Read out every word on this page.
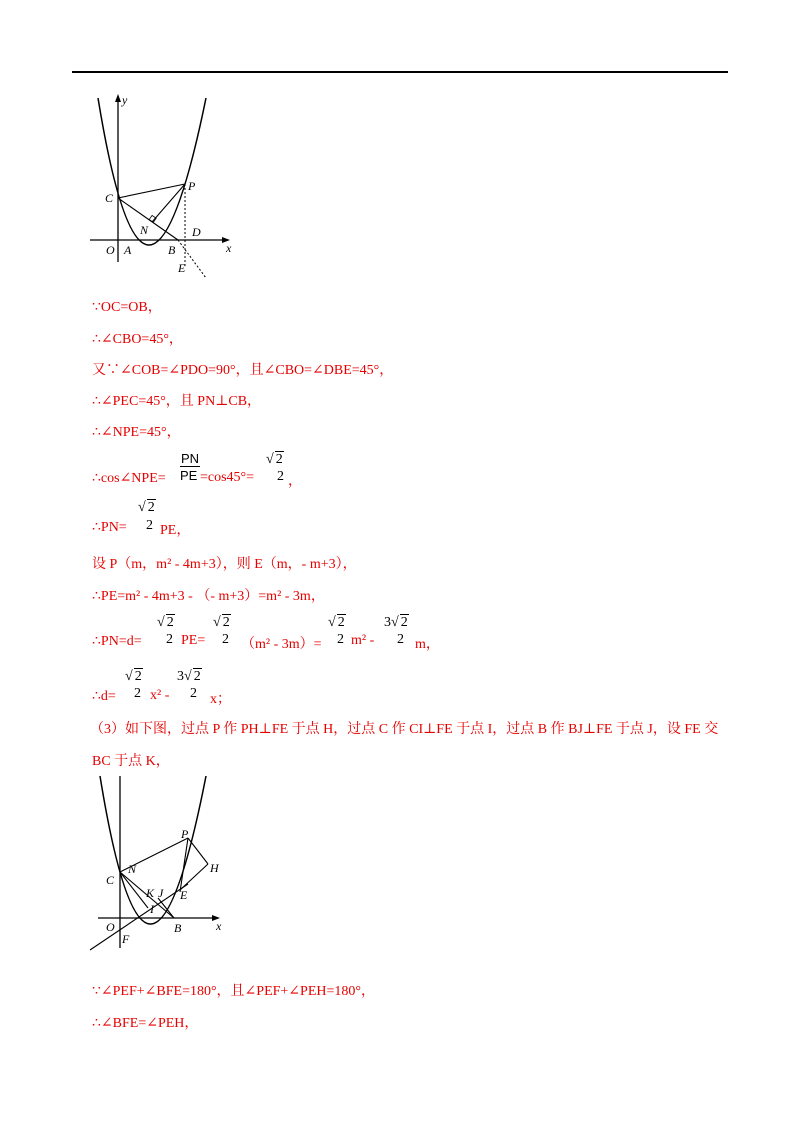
y
x
C
P
N	D
O A	B
E
∵OC=OB，
∴∠CBO=45°，
又∵∠COB=∠PDO=90°，且∠CBO=∠DBE=45°，
∴∠PEC=45°，且 PN⊥CB，
∴∠NPE=45°，
∴cos∠NPE=
PN
PE =cos45°=
√ 2
2 ，
√ 2
2
∴PN= PE，
设 P（m，m² - 4m+3），则 E（m，- m+3），
∴PE=m² - 4m+3 - （- m+3）=m² - 3m，
∴PN=d=
√ 2
2 PE=
√ 2
2 （m² - 3m）=
√ 2
2 m² -
3√ 2
2 m，
∴d=
√ 2
2 x² -
3√ 2
2 x；
（3）如下图，过点 P 作 PH⊥FE 于点 H，过点 C 作 CI⊥FE 于点 I，过点 B 作 BJ⊥FE 于点 J，设 FE 交
BC 于点 K，
P
H
N
C
K J E
I
x
O
F
B
∵∠PEF+∠BFE=180°，且∠PEF+∠PEH=180°，
∴∠BFE=∠PEH，
